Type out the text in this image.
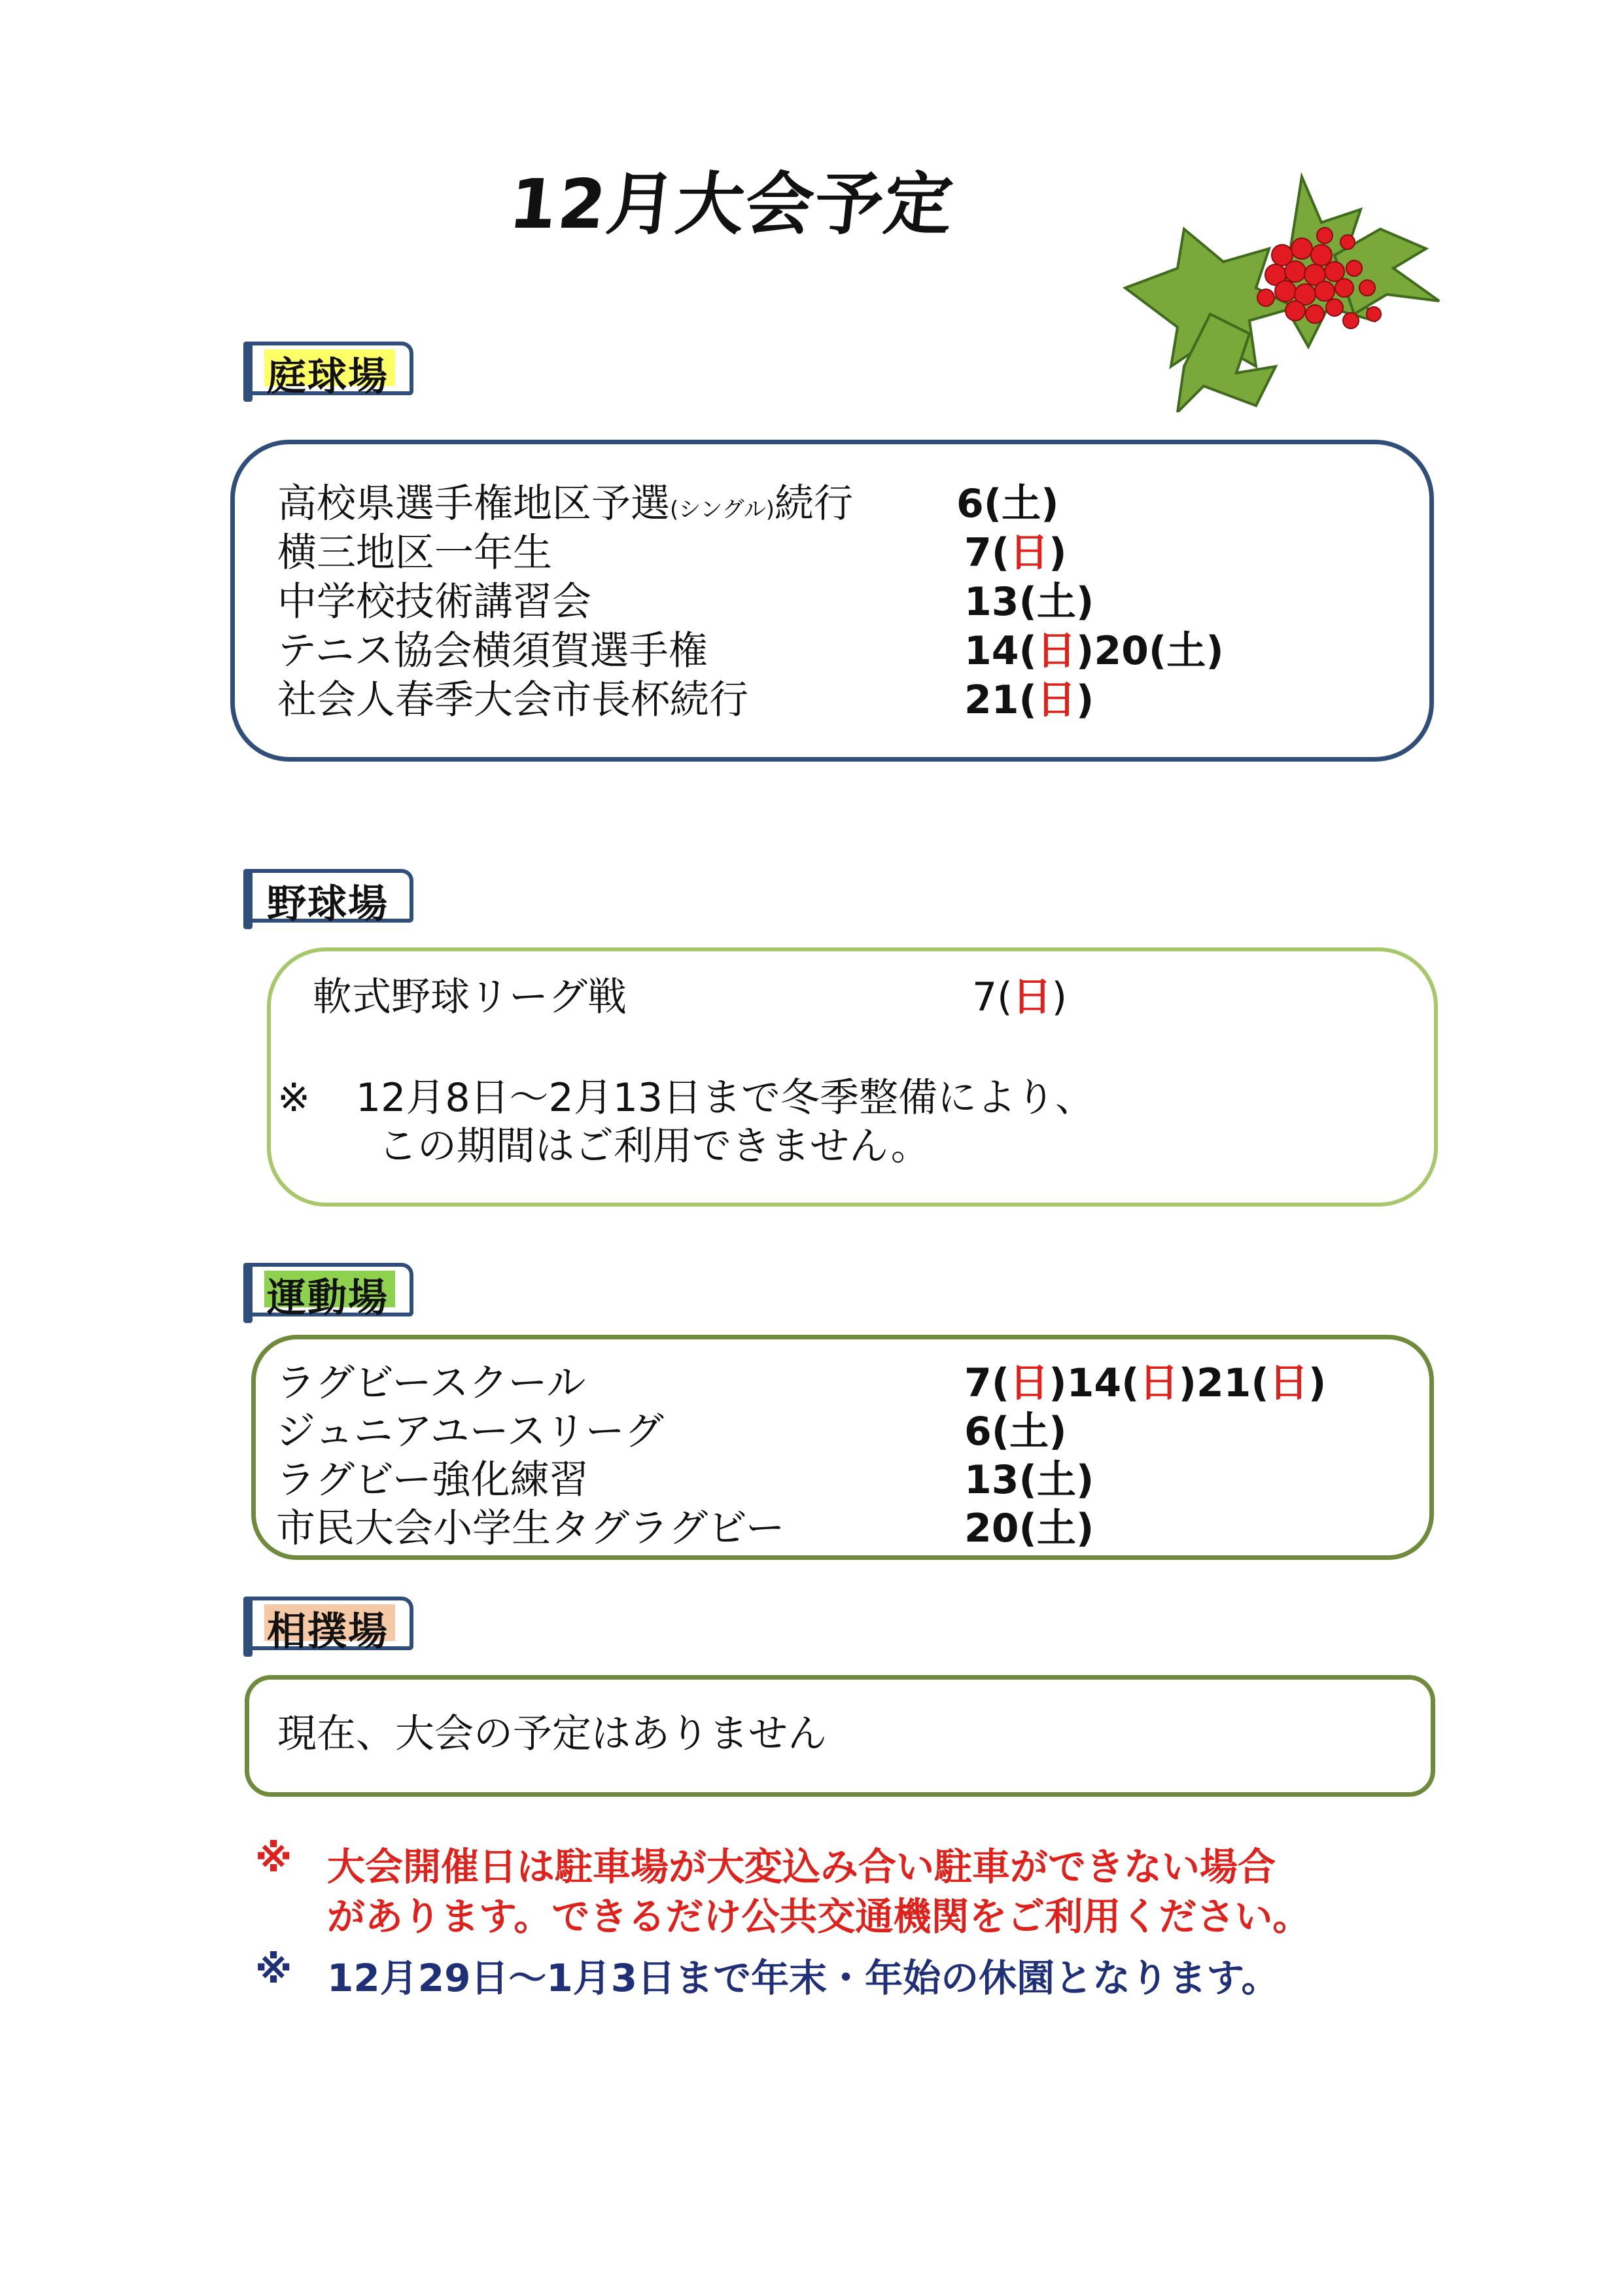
12月大会予定
庭球場
高校県選手権地区予選(シングル)続行	6(土)
横三地区一年生	7(日)
中学校技術講習会	13(土)
テニス協会横須賀選手権	14(日)20(土)
社会人春季大会市長杯続行	21(日)
野球場
軟式野球リーグ戦	7(日)
※ 12月8日～2月13日まで冬季整備により、
この期間はご利用できません。
運動場
ラグビースクール	7(日)14(日)21(日)
ジュニアユースリーグ	6(土)
ラグビー強化練習	13(土)
市民大会小学生タグラグビー	20(土)
相撲場
現在、大会の予定はありません
※ 大会開催日は駐車場が大変込み合い駐車ができない場合
があります。できるだけ公共交通機関をご利用ください。
※ 12月29日～1月3日まで年末・年始の休園となります。
